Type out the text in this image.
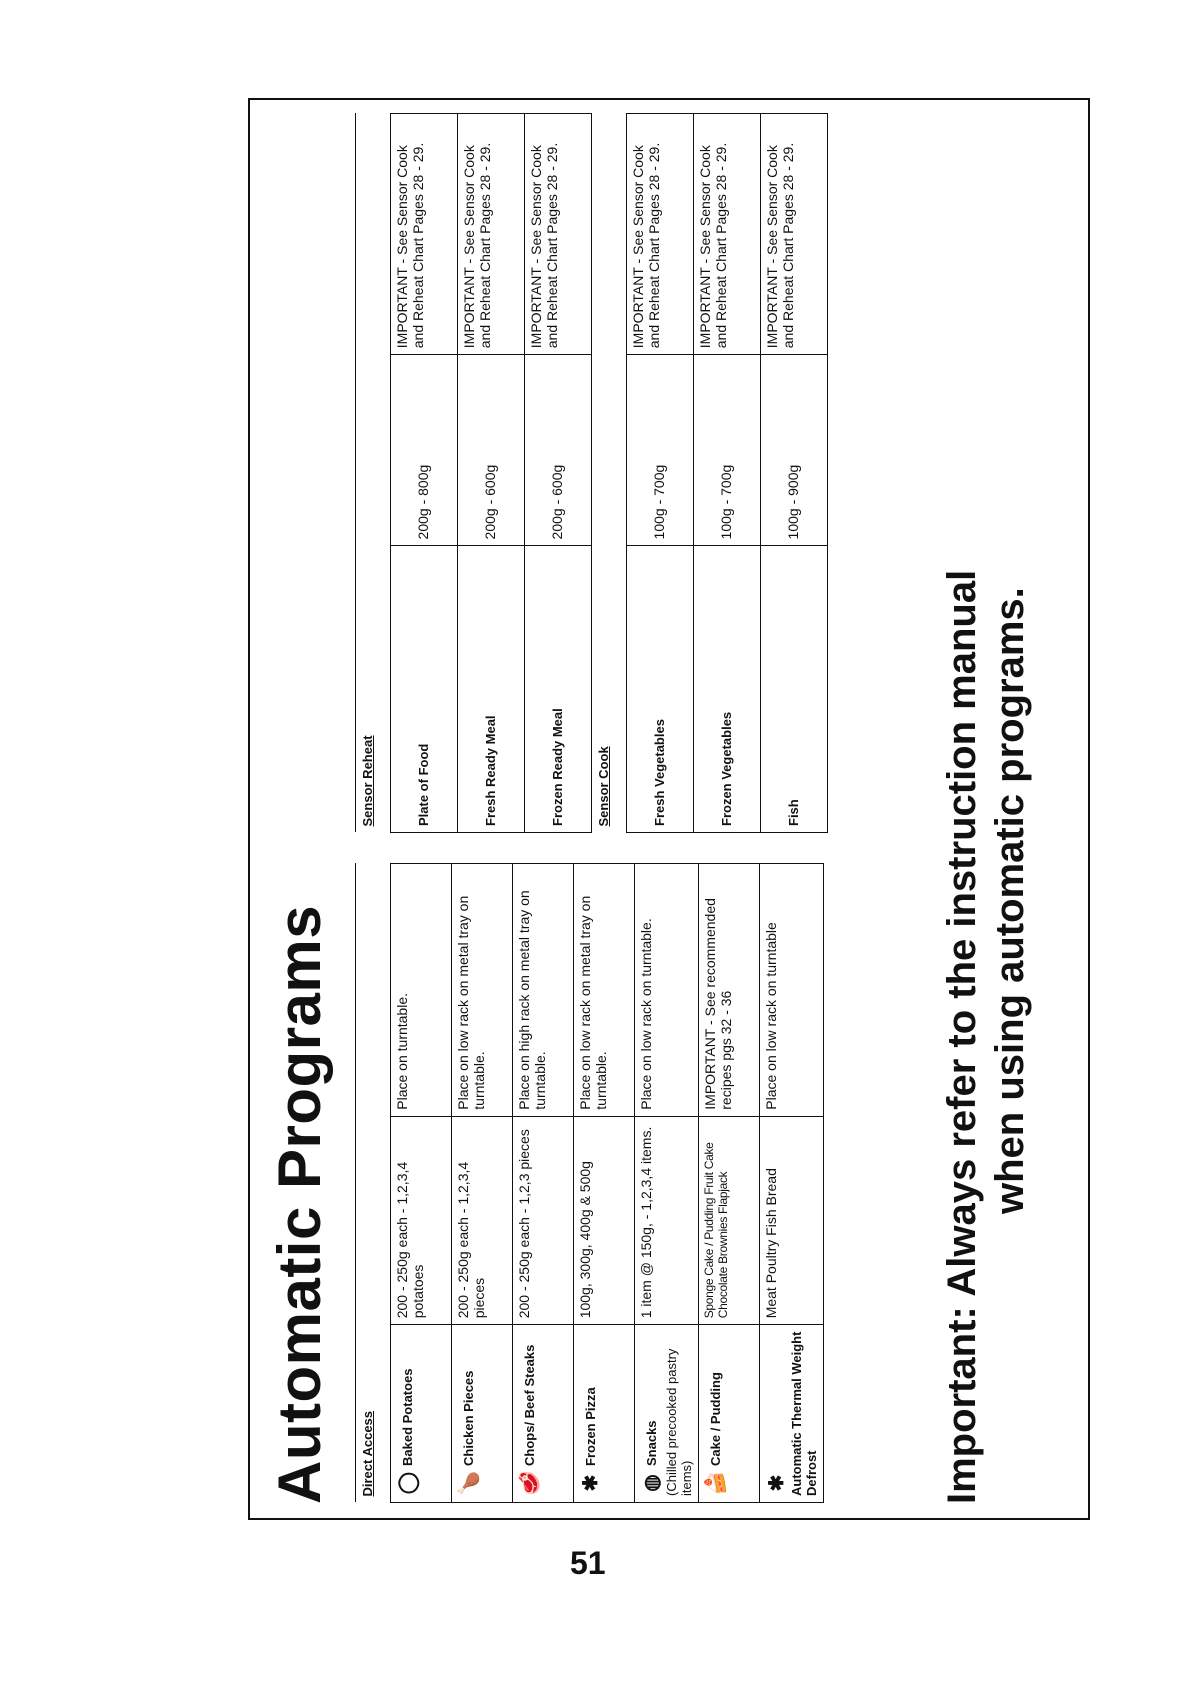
Automatic Programs Direct Access		
◯Baked Potatoes	200 - 250g each - 1,2,3,4 potatoes	Place on turntable.
🍗Chicken Pieces	200 - 250g each - 1,2,3,4 pieces	Place on low rack on metal tray on turntable.
🥩Chops/ Beef Steaks	200 - 250g each - 1,2,3 pieces	Place on high rack on metal tray on turntable.
✱Frozen Pizza	100g, 300g, 400g & 500g	Place on low rack on metal tray on turntable.
◍Snacks (Chilled precooked pastry items)	1 item @ 150g, - 1,2,3,4 items.	Place on low rack on turntable.
🍰Cake / Pudding	Sponge Cake / Pudding Fruit Cake Chocolate Brownies Flapjack	IMPORTANT - See recommended recipes pgs 32 - 36
✱Automatic Thermal Weight Defrost	Meat Poultry Fish Bread	Place on low rack on turntable
Sensor Reheat		
Plate of Food	200g - 800g	IMPORTANT - See Sensor Cook and Reheat Chart Pages 28 - 29.
Fresh Ready Meal	200g - 600g	IMPORTANT - See Sensor Cook and Reheat Chart Pages 28 - 29.
Frozen Ready Meal	200g - 600g	IMPORTANT - See Sensor Cook and Reheat Chart Pages 28 - 29.
Sensor Cook		
Fresh Vegetables	100g - 700g	IMPORTANT - See Sensor Cook and Reheat Chart Pages 28 - 29.
Frozen Vegetables	100g - 700g	IMPORTANT - See Sensor Cook and Reheat Chart Pages 28 - 29.
Fish	100g - 900g	IMPORTANT - See Sensor Cook and Reheat Chart Pages 28 - 29.
Important: Always refer to the instruction manual when using automatic programs.
51
